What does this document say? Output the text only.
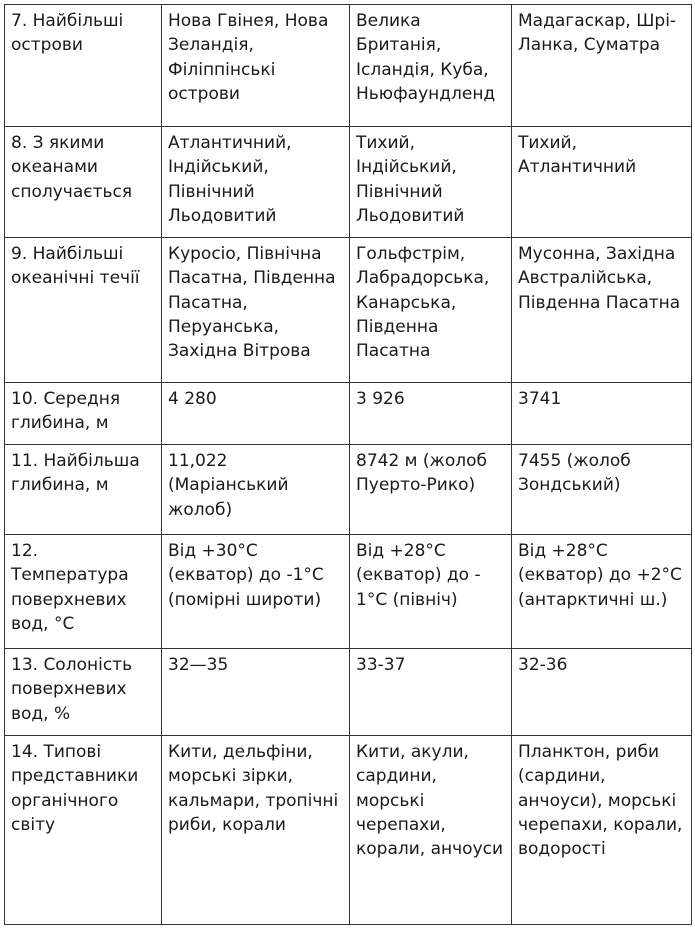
7. Найбільші острови	Нова Гвінея, Нова Зеландія, Філіппінські острови	Велика Британія, Ісландія, Куба, Ньюфаундленд	Мадагаскар, Шрі-Ланка, Суматра

8. З якими океанами сполучається	Атлантичний, Індійський, Північний Льодовитий	Тихий, Індійський, Північний Льодовитий	Тихий, Атлантичний

9. Найбільші океанічні течії	Куросіо, Північна Пасатна, Південна Пасатна, Перуанська, Західна Вітрова	Гольфстрім, Лабрадорська, Канарська, Південна Пасатна	Мусонна, Західна Австралійська, Південна Пасатна

10. Середня глибина, м	4 280	3 926	3741

11. Найбільша глибина, м	11,022 (Маріанський жолоб)	8742 м (жолоб Пуерто-Рико)	7455 (жолоб Зондський)

12. Температура поверхневих вод, °С	Від +30°С (екватор) до -1°С (помірні широти)	Від +28°С (екватор) до - 1°С (північ)	Від +28°С (екватор) до +2°С (антарктичні ш.)

13. Солоність поверхневих вод, %	32—35	33-37	32-36

14. Типові представники органічного світу	Кити, дельфіни, морські зірки, кальмари, тропічні риби, корали	Кити, акули, сардини, морські черепахи, корали, анчоуси	Планктон, риби (сардини, анчоуси), морські черепахи, корали, водорості
